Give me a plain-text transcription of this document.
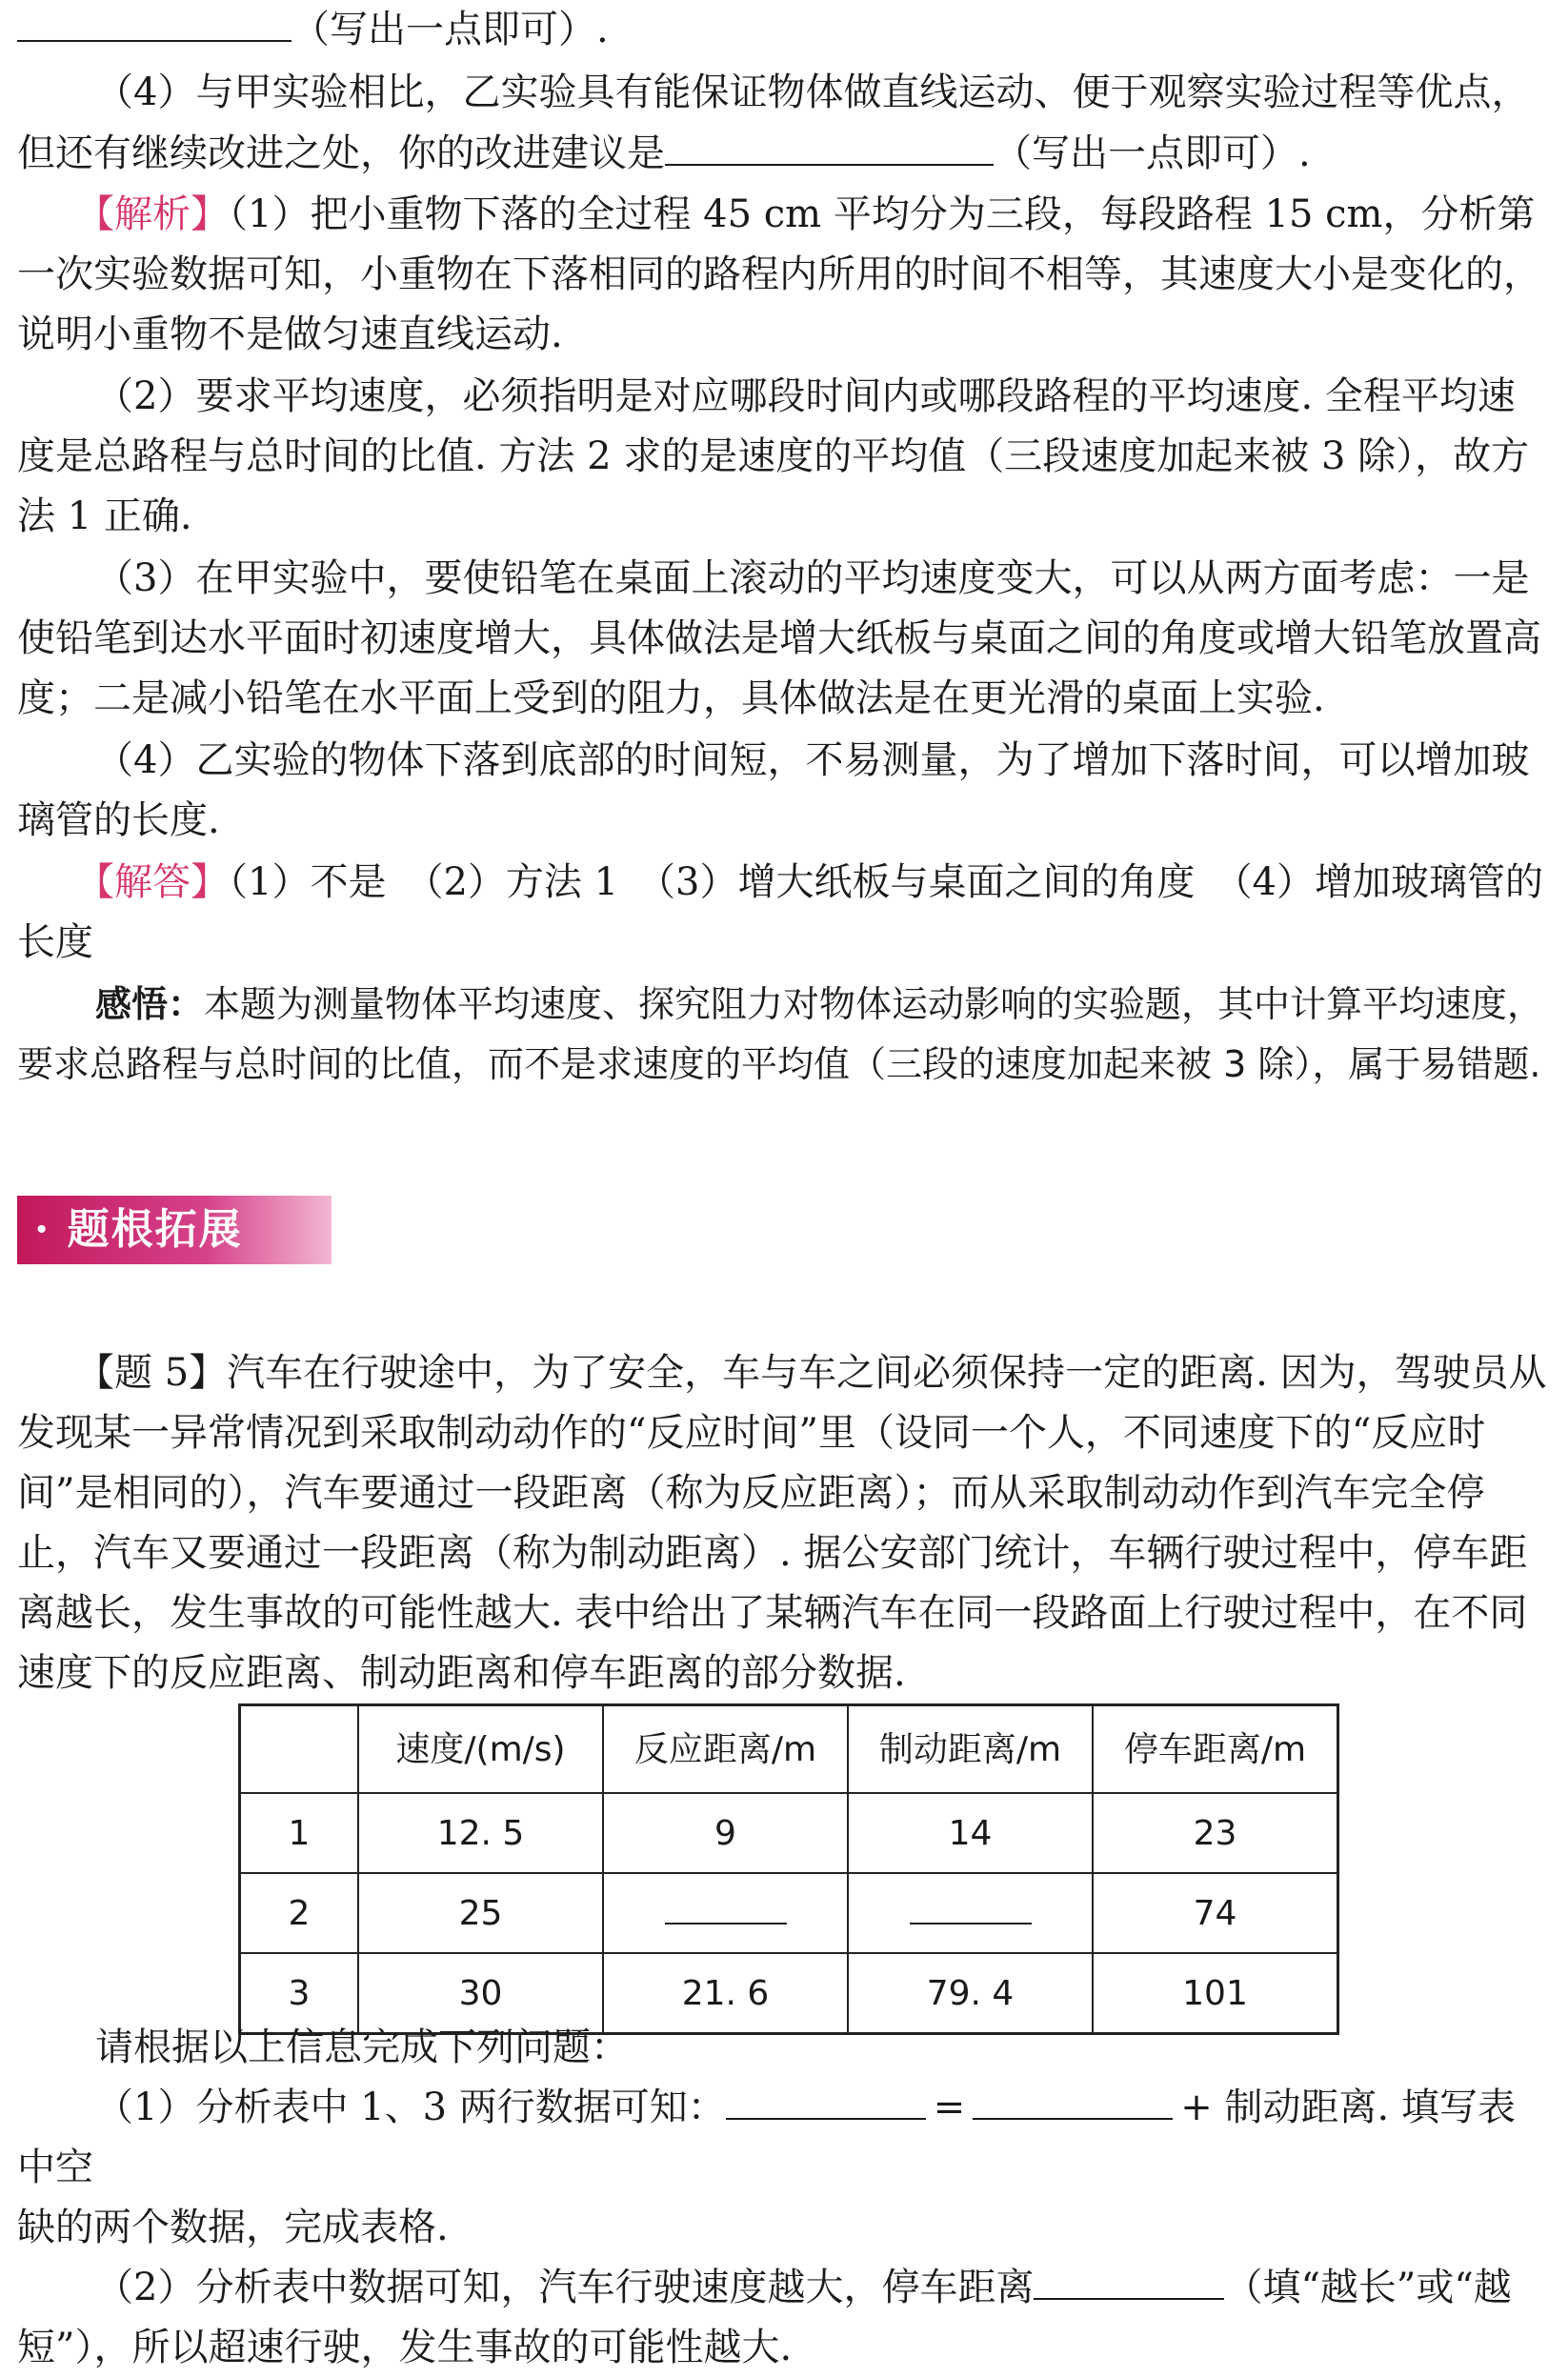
（写出一点即可）.

（4）与甲实验相比，乙实验具有能保证物体做直线运动、便于观察实验过程等优点，

但还有继续改进之处，你的改进建议是	（写出一点即可）.

【解析】（1）把小重物下落的全过程 45 cm 平均分为三段，每段路程 15 cm，分析第一次实验数据可知，小重物在下落相同的路程内所用的时间不相等，其速度大小是变化的，说明小重物不是做匀速直线运动.

（2）要求平均速度，必须指明是对应哪段时间内或哪段路程的平均速度. 全程平均速度是总路程与总时间的比值. 方法 2 求的是速度的平均值（三段速度加起来被 3 除），故方法 1 正确.

（3）在甲实验中，要使铅笔在桌面上滚动的平均速度变大，可以从两方面考虑：一是使铅笔到达水平面时初速度增大，具体做法是增大纸板与桌面之间的角度或增大铅笔放置高度；二是减小铅笔在水平面上受到的阻力，具体做法是在更光滑的桌面上实验.

（4）乙实验的物体下落到底部的时间短，不易测量，为了增加下落时间，可以增加玻璃管的长度.

【解答】（1）不是　（2）方法 1　（3）增大纸板与桌面之间的角度　（4）增加玻璃管的长度

感悟：本题为测量物体平均速度、探究阻力对物体运动影响的实验题，其中计算平均速度，要求总路程与总时间的比值，而不是求速度的平均值（三段的速度加起来被 3 除），属于易错题.

· 题根拓展

【题 5】汽车在行驶途中，为了安全，车与车之间必须保持一定的距离. 因为，驾驶员从发现某一异常情况到采取制动动作的“反应时间”里（设同一个人，不同速度下的“反应时间”是相同的），汽车要通过一段距离（称为反应距离）；而从采取制动动作到汽车完全停止，汽车又要通过一段距离（称为制动距离）. 据公安部门统计，车辆行驶过程中，停车距离越长，发生事故的可能性越大. 表中给出了某辆汽车在同一段路面上行驶过程中，在不同速度下的反应距离、制动距离和停车距离的部分数据.

	速度/(m/s)	反应距离/m	制动距离/m	停车距离/m
1	12. 5	9	14	23
2	25			74
3	30	21. 6	79. 4	101

请根据以上信息完成下列问题：

（1）分析表中 1、3 两行数据可知：	=	+ 制动距离. 填写表中空

缺的两个数据，完成表格.

（2）分析表中数据可知，汽车行驶速度越大，停车距离	（填“越长”或“越

短”），所以超速行驶，发生事故的可能性越大.
